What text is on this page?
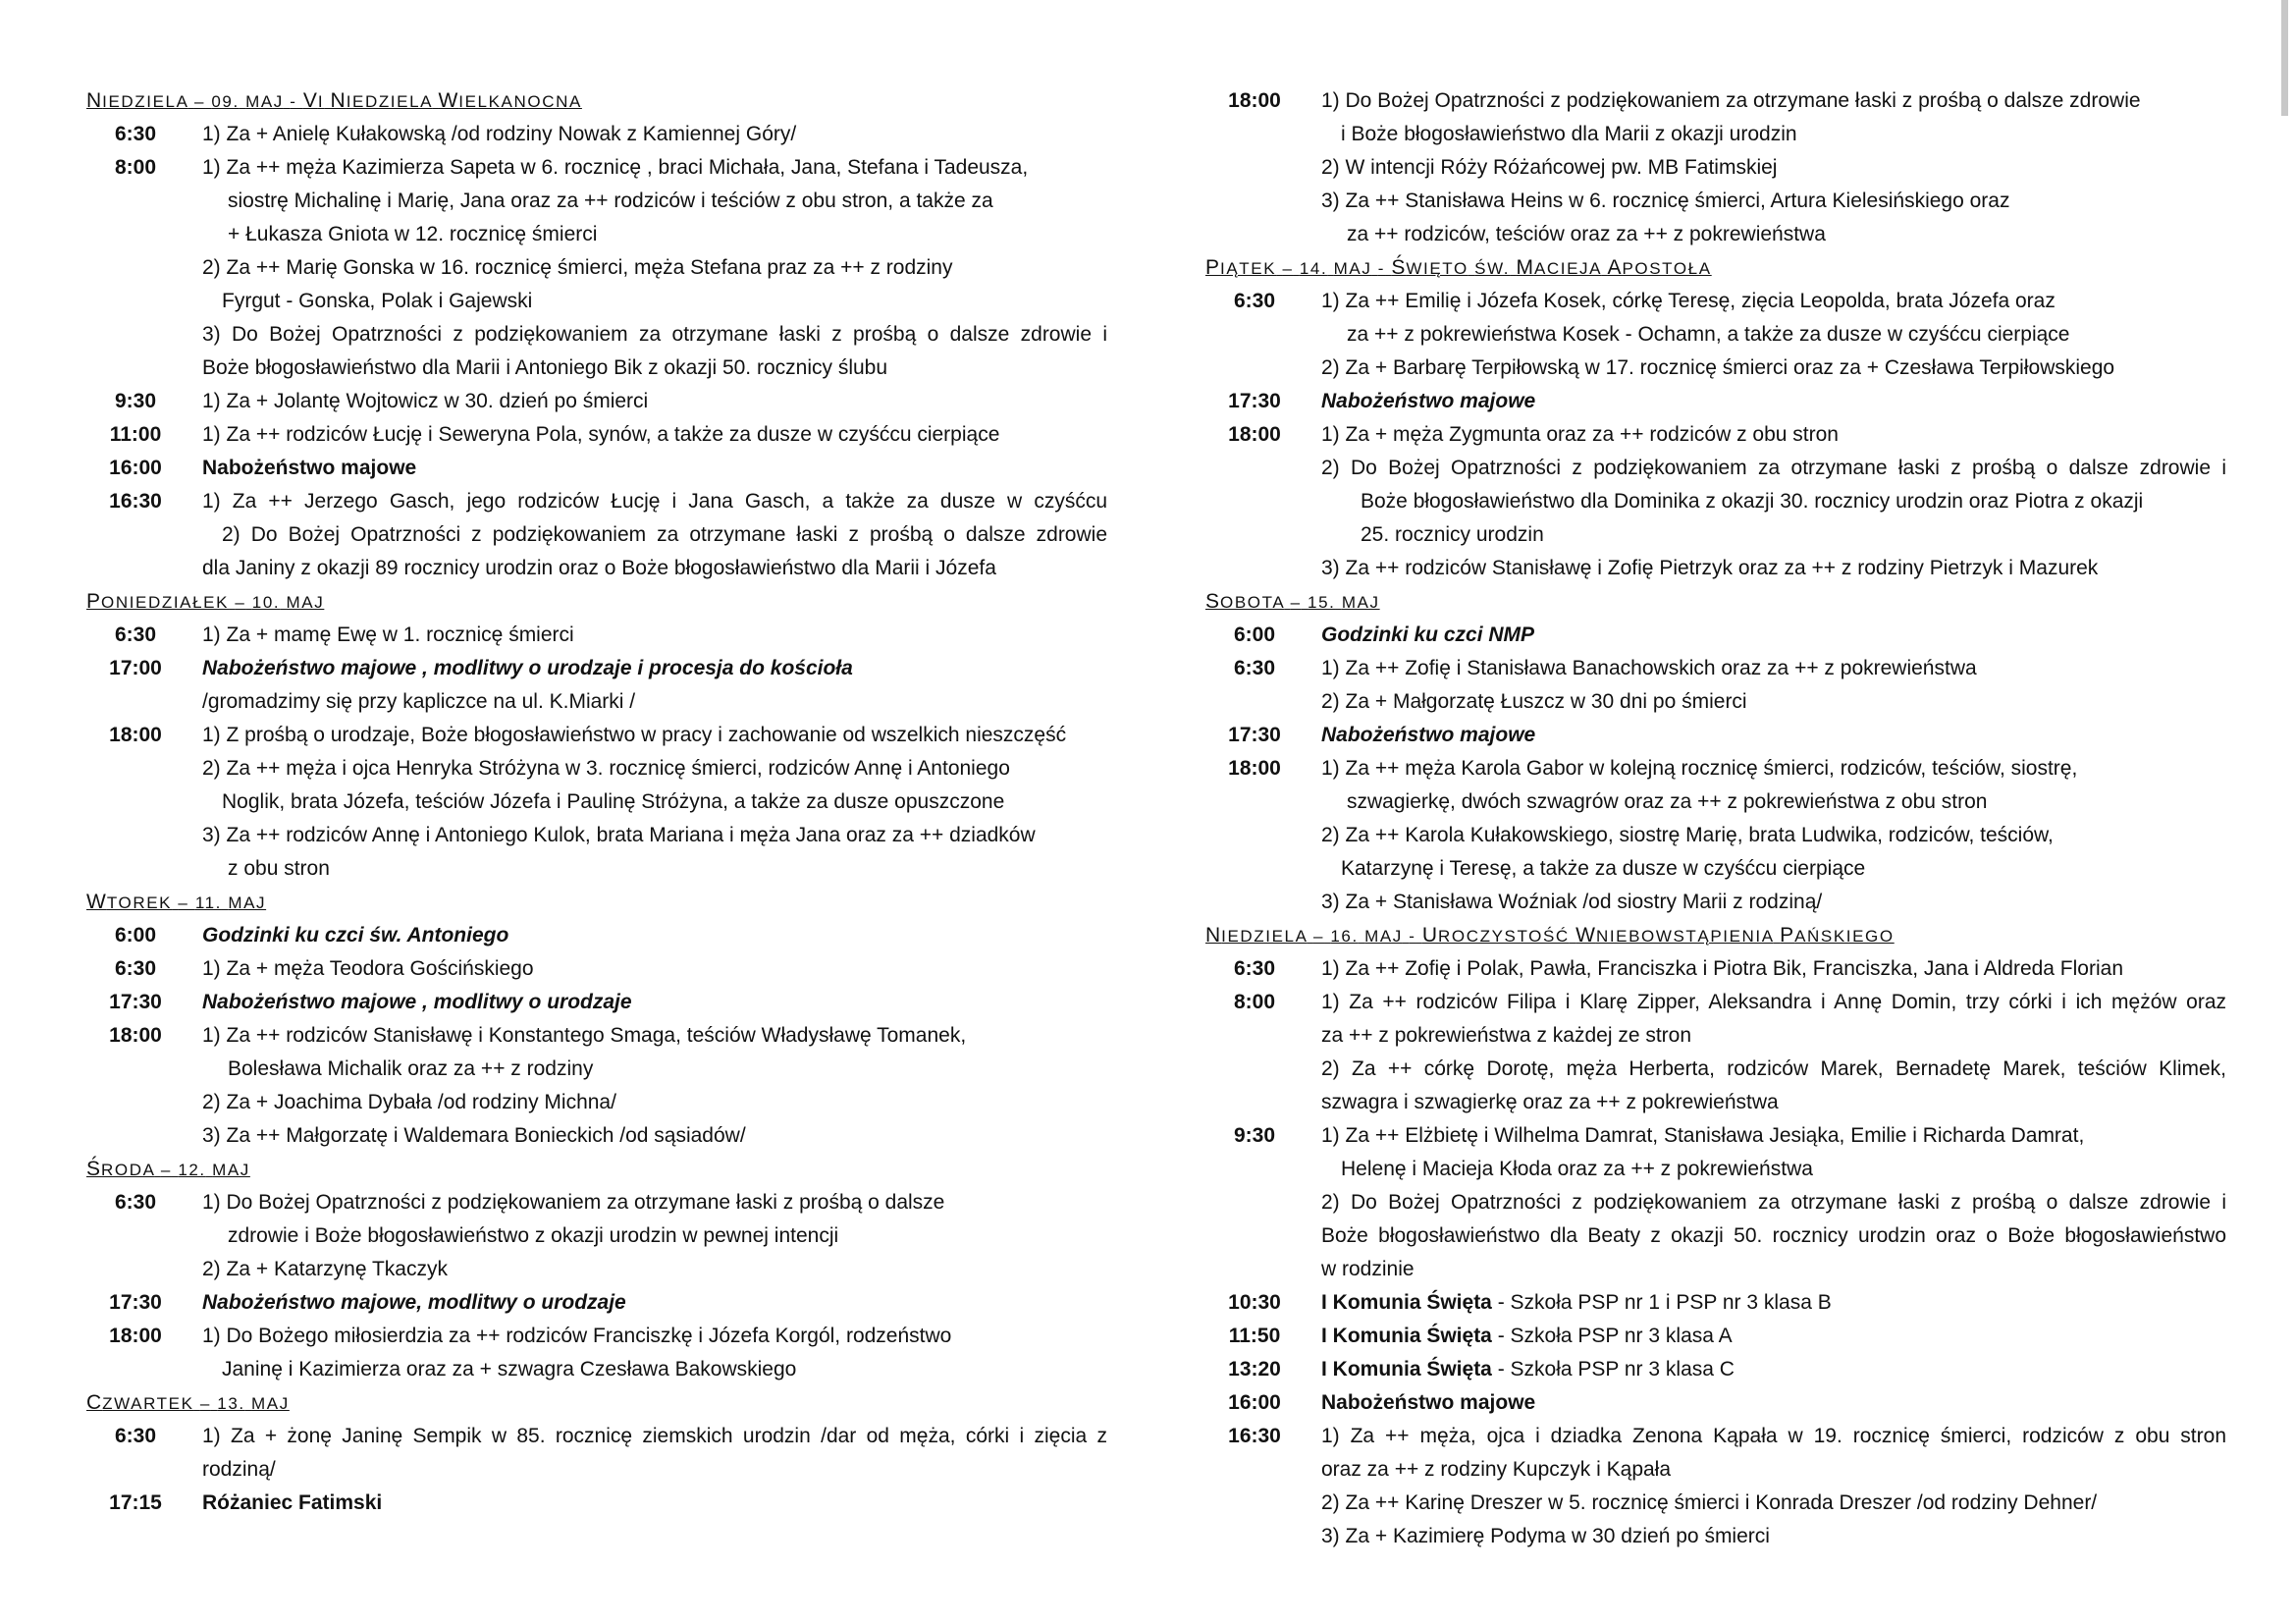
NIEDZIELA – 09. MAJ - VI NIEDZIELA WIELKANOCNA
6:30	1) Za + Anielę Kułakowską /od rodziny Nowak z Kamiennej Góry/
8:00	1) Za ++ męża Kazimierza Sapeta w 6. rocznicę , braci Michała, Jana, Stefana i Tadeusza,
siostrę Michalinę i Marię, Jana oraz za ++ rodziców i teściów z obu stron, a także za
+ Łukasza Gniota w 12. rocznicę śmierci
2) Za ++ Marię Gonska w 16. rocznicę śmierci, męża Stefana praz za ++ z rodziny
Fyrgut - Gonska, Polak i Gajewski
3) Do Bożej Opatrzności z podziękowaniem za otrzymane łaski z prośbą o dalsze zdrowie i
Boże błogosławieństwo dla Marii i Antoniego Bik z okazji 50. rocznicy ślubu
9:30	1) Za + Jolantę Wojtowicz w 30. dzień po śmierci
11:00	1) Za ++ rodziców Łucję i Seweryna Pola, synów, a także za dusze w czyśćcu cierpiące
16:00	Nabożeństwo majowe
16:30	1) Za ++ Jerzego Gasch, jego rodziców Łucję i Jana Gasch, a także za dusze w czyśćcu
2) Do Bożej Opatrzności z podziękowaniem za otrzymane łaski z prośbą o dalsze zdrowie
dla Janiny z okazji 89 rocznicy urodzin oraz o Boże błogosławieństwo dla Marii i Józefa
PONIEDZIAŁEK – 10. MAJ
6:30	1) Za + mamę Ewę w 1. rocznicę śmierci
17:00	Nabożeństwo majowe , modlitwy o urodzaje i procesja do kościoła
/gromadzimy się przy kapliczce na ul. K.Miarki /
18:00	1) Z prośbą o urodzaje, Boże błogosławieństwo w pracy i zachowanie od wszelkich nieszczęść
2) Za ++ męża i ojca Henryka Stróżyna w 3. rocznicę śmierci, rodziców Annę i Antoniego
Noglik, brata Józefa, teściów Józefa i Paulinę Stróżyna, a także za dusze opuszczone
3) Za ++ rodziców Annę i Antoniego Kulok, brata Mariana i męża Jana oraz za ++ dziadków
z obu stron
WTOREK – 11. MAJ
6:00	Godzinki ku czci św. Antoniego
6:30	1) Za + męża Teodora Gościńskiego
17:30	Nabożeństwo majowe , modlitwy o urodzaje
18:00	1) Za ++ rodziców Stanisławę i Konstantego Smaga, teściów Władysławę Tomanek,
Bolesława Michalik oraz za ++ z rodziny
2) Za + Joachima Dybała /od rodziny Michna/
3) Za ++ Małgorzatę i Waldemara Bonieckich /od sąsiadów/
ŚRODA – 12. MAJ
6:30	1) Do Bożej Opatrzności z podziękowaniem za otrzymane łaski z prośbą o dalsze
zdrowie i Boże błogosławieństwo z okazji urodzin w pewnej intencji
2) Za + Katarzynę Tkaczyk
17:30	Nabożeństwo majowe, modlitwy o urodzaje
18:00	1) Do Bożego miłosierdzia za ++ rodziców Franciszkę i Józefa Korgól, rodzeństwo
Janinę i Kazimierza oraz za + szwagra Czesława Bakowskiego
CZWARTEK – 13. MAJ
6:30	1) Za + żonę Janinę Sempik w 85. rocznicę ziemskich urodzin /dar od męża, córki i zięcia z
rodziną/
17:15	Różaniec Fatimski
18:00	1) Do Bożej Opatrzności z podziękowaniem za otrzymane łaski z prośbą o dalsze zdrowie
i Boże błogosławieństwo dla Marii z okazji urodzin
2) W intencji Róży Różańcowej pw. MB Fatimskiej
3) Za ++ Stanisława Heins w 6. rocznicę śmierci, Artura Kielesińskiego oraz
za ++ rodziców, teściów oraz za ++ z pokrewieństwa
PIĄTEK – 14. MAJ - ŚWIĘTO ŚW. MACIEJA APOSTOŁA
6:30	1) Za ++ Emilię i Józefa Kosek, córkę Teresę, zięcia Leopolda, brata Józefa oraz
za ++ z pokrewieństwa Kosek - Ochamn, a także za dusze w czyśćcu cierpiące
2) Za + Barbarę Terpiłowską w 17. rocznicę śmierci oraz za + Czesława Terpiłowskiego
17:30	Nabożeństwo majowe
18:00	1) Za + męża Zygmunta oraz za ++ rodziców z obu stron
2) Do Bożej Opatrzności z podziękowaniem za otrzymane łaski z prośbą o dalsze zdrowie i
Boże błogosławieństwo dla Dominika z okazji 30. rocznicy urodzin oraz Piotra z okazji
25. rocznicy urodzin
3) Za ++ rodziców Stanisławę i Zofię Pietrzyk oraz za ++ z rodziny Pietrzyk i Mazurek
SOBOTA – 15. MAJ
6:00	Godzinki ku czci NMP
6:30	1) Za ++ Zofię i Stanisława Banachowskich oraz za ++ z pokrewieństwa
2) Za + Małgorzatę Łuszcz w 30 dni po śmierci
17:30	Nabożeństwo majowe
18:00	1) Za ++ męża Karola Gabor w kolejną rocznicę śmierci, rodziców, teściów, siostrę,
szwagierkę, dwóch szwagrów oraz za ++ z pokrewieństwa z obu stron
2) Za ++ Karola Kułakowskiego, siostrę Marię, brata Ludwika, rodziców, teściów,
Katarzynę i Teresę, a także za dusze w czyśćcu cierpiące
3) Za + Stanisława Woźniak /od siostry Marii z rodziną/
NIEDZIELA – 16. MAJ - UROCZYSTOŚĆ WNIEBOWSTĄPIENIA PAŃSKIEGO
6:30	1) Za ++ Zofię i Polak, Pawła, Franciszka i Piotra Bik, Franciszka, Jana i Aldreda Florian
8:00	1) Za ++ rodziców Filipa i Klarę Zipper, Aleksandra i Annę Domin, trzy córki i ich mężów oraz
za ++ z pokrewieństwa z każdej ze stron
2) Za ++ córkę Dorotę, męża Herberta, rodziców Marek, Bernadetę Marek, teściów Klimek,
szwagra i szwagierkę oraz za ++ z pokrewieństwa
9:30	1) Za ++ Elżbietę i Wilhelma Damrat, Stanisława Jesiąka, Emilie i Richarda Damrat,
Helenę i Macieja Kłoda oraz za ++ z pokrewieństwa
2) Do Bożej Opatrzności z podziękowaniem za otrzymane łaski z prośbą o dalsze zdrowie i
Boże błogosławieństwo dla Beaty z okazji 50. rocznicy urodzin oraz o Boże błogosławieństwo
w rodzinie
10:30	I Komunia Święta - Szkoła PSP nr 1 i PSP nr 3 klasa B
11:50	I Komunia Święta - Szkoła PSP nr 3 klasa A
13:20	I Komunia Święta - Szkoła PSP nr 3 klasa C
16:00	Nabożeństwo majowe
16:30	1) Za ++ męża, ojca i dziadka Zenona Kąpała w 19. rocznicę śmierci, rodziców z obu stron
oraz za ++ z rodziny Kupczyk i Kąpała
2) Za ++ Karinę Dreszer w 5. rocznicę śmierci i Konrada Dreszer /od rodziny Dehner/
3) Za + Kazimierę Podyma w 30 dzień po śmierci
